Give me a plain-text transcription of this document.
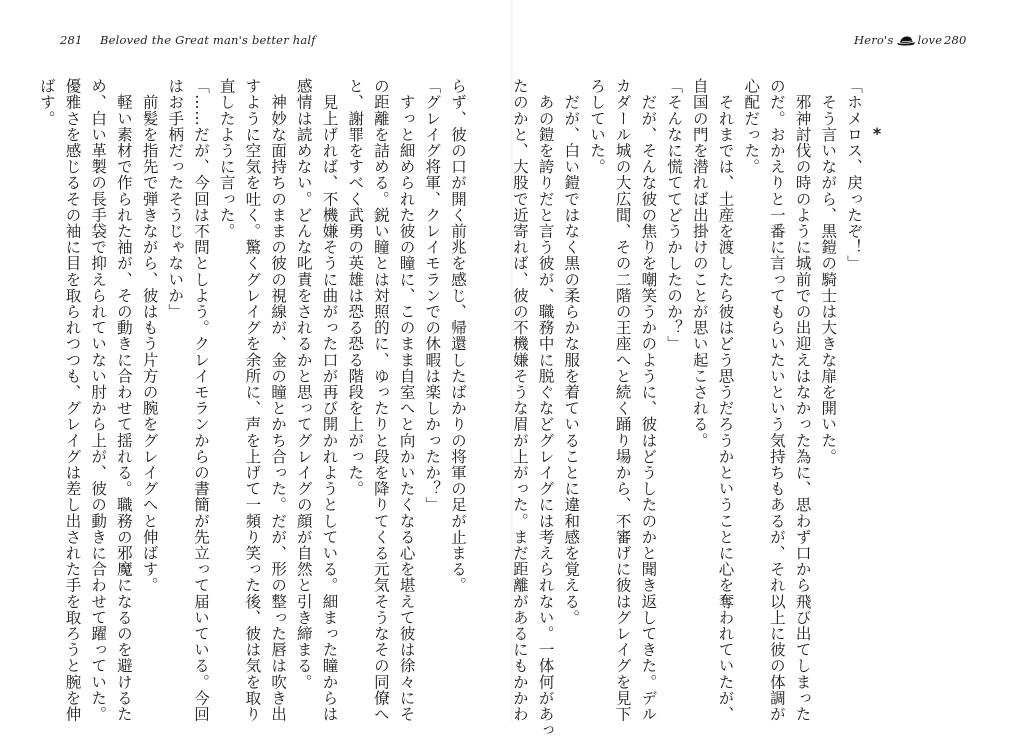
281 Beloved the Great man's better half	Hero's love 280
*
「ホメロス、戻ったぞ！」
　そう言いながら、黒鎧の騎士は大きな扉を開いた。
　邪神討伐の時のように城前での出迎えはなかった為に、思わず口から飛び出てしまった
のだ。おかえりと一番に言ってもらいたいという気持ちもあるが、それ以上に彼の体調が
心配だった。
　それまでは、土産を渡したら彼はどう思うだろうかということに心を奪われていたが、
自国の門を潜れば出掛けのことが思い起こされる。
「そんなに慌ててどうかしたのか？」
　だが、そんな彼の焦りを嘲笑うかのように、彼はどうしたのかと聞き返してきた。デル
カダール城の大広間、その二階の王座へと続く踊り場から、不審げに彼はグレイグを見下
ろしていた。
　だが、白い鎧ではなく黒の柔らかな服を着ていることに違和感を覚える。
　あの鎧を誇りだと言う彼が、職務中に脱ぐなどグレイグには考えられない。一体何があっ
たのかと、大股で近寄れば、彼の不機嫌そうな眉が上がった。まだ距離があるにもかかわ
らず、彼の口が開く前兆を感じ、帰還したばかりの将軍の足が止まる。
「グレイグ将軍、クレイモランでの休暇は楽しかったか？」
　すっと細められた彼の瞳に、このまま自室へと向かいたくなる心を堪えて彼は徐々にそ
の距離を詰める。鋭い瞳とは対照的に、ゆったりと段を降りてくる元気そうなその同僚へ
と、謝罪をすべく武勇の英雄は恐る恐る階段を上がった。
　見上げれば、不機嫌そうに曲がった口が再び開かれようとしている。細まった瞳からは
感情は読めない。どんな叱責をされるかと思ってグレイグの顔が自然と引き締まる。
　神妙な面持ちのままの彼の視線が、金の瞳とかち合った。だが、形の整った唇は吹き出
すように空気を吐く。驚くグレイグを余所に、声を上げて一頻り笑った後、彼は気を取り
直したように言った。
「……だが、今回は不問としよう。クレイモランからの書簡が先立って届いている。今回
はお手柄だったそうじゃないか」
　前髪を指先で弾きながら、彼はもう片方の腕をグレイグへと伸ばす。
　軽い素材で作られた袖が、その動きに合わせて揺れる。職務の邪魔になるのを避けるた
め、白い革製の長手袋で抑えられていない肘から上が、彼の動きに合わせて躍っていた。
優雅さを感じるその袖に目を取られつつも、グレイグは差し出された手を取ろうと腕を伸
ばす。
